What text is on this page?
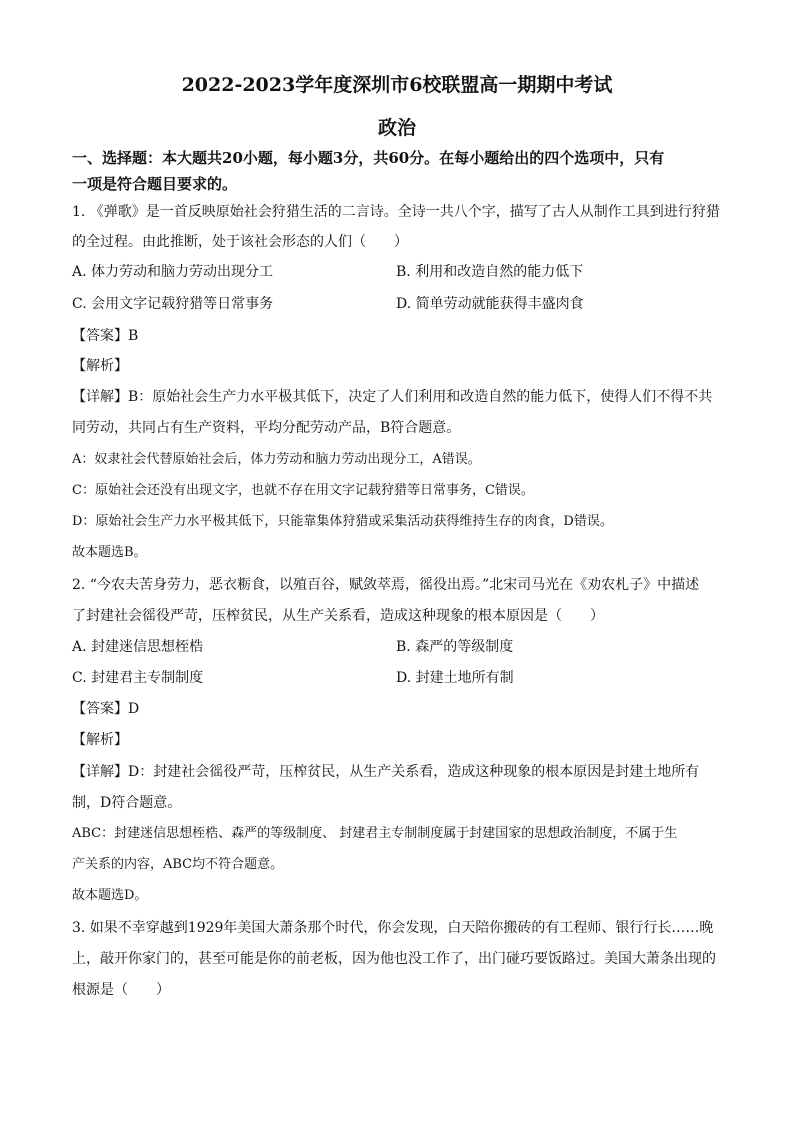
2022-2023学年度深圳市6校联盟高一期期中考试
政治
一、选择题：本大题共20小题，每小题3分，共60分。在每小题给出的四个选项中，只有
一项是符合题目要求的。
1. 《弹歌》是一首反映原始社会狩猎生活的二言诗。全诗一共八个字，描写了古人从制作工具到进行狩猎
的全过程。由此推断，处于该社会形态的人们（　　）
A. 体力劳动和脑力劳动出现分工	B. 利用和改造自然的能力低下
C. 会用文字记载狩猎等日常事务	D. 简单劳动就能获得丰盛肉食
【答案】B
【解析】
【详解】B：原始社会生产力水平极其低下，决定了人们利用和改造自然的能力低下，使得人们不得不共
同劳动，共同占有生产资料，平均分配劳动产品，B符合题意。
A：奴隶社会代替原始社会后，体力劳动和脑力劳动出现分工，A错误。
C：原始社会还没有出现文字，也就不存在用文字记载狩猎等日常事务，C错误。
D：原始社会生产力水平极其低下，只能靠集体狩猎或采集活动获得维持生存的肉食，D错误。
故本题选B。
2. “今农夫苦身劳力，恶衣粝食，以殖百谷，赋敛萃焉，徭役出焉。”北宋司马光在《劝农札子》中描述
了封建社会徭役严苛，压榨贫民，从生产关系看，造成这种现象的根本原因是（　　）
A. 封建迷信思想桎梏	B. 森严的等级制度
C. 封建君主专制制度	D. 封建土地所有制
【答案】D
【解析】
【详解】D：封建社会徭役严苛，压榨贫民，从生产关系看，造成这种现象的根本原因是封建土地所有
制，D符合题意。
ABC：封建迷信思想桎梏、森严的等级制度、 封建君主专制制度属于封建国家的思想政治制度，不属于生
产关系的内容，ABC均不符合题意。
故本题选D。
3. 如果不幸穿越到1929年美国大萧条那个时代，你会发现，白天陪你搬砖的有工程师、银行行长……晚
上，敲开你家门的，甚至可能是你的前老板，因为他也没工作了，出门碰巧要饭路过。美国大萧条出现的
根源是（　　）
